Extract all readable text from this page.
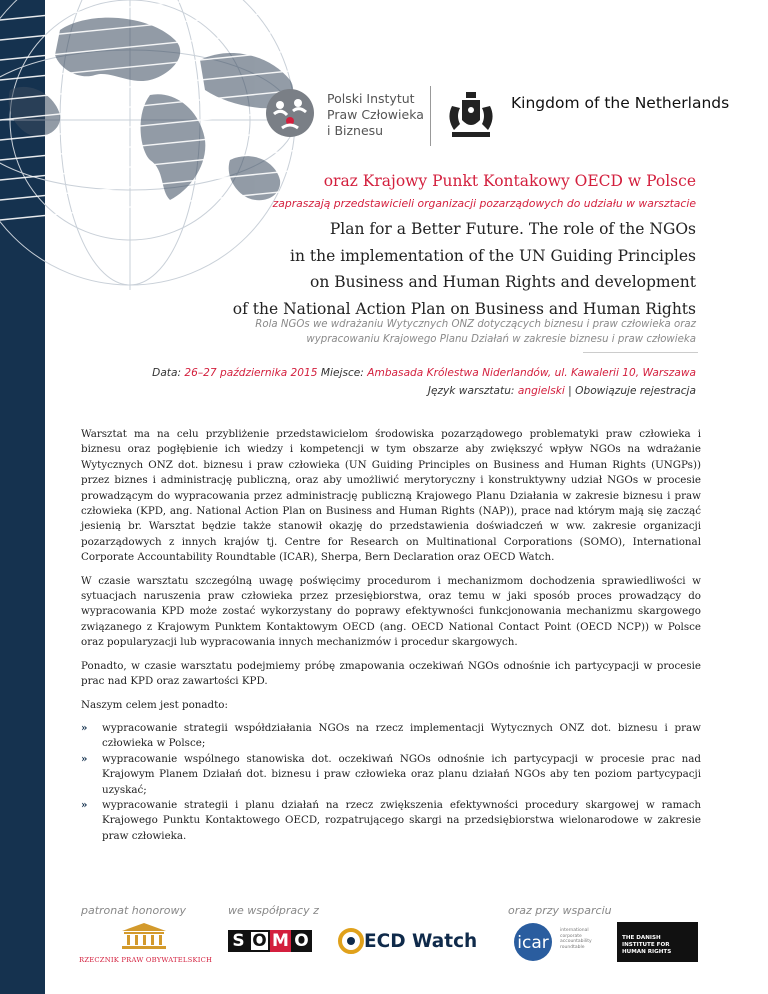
Polski Instytut
Praw Człowieka
i Biznesu
Kingdom of the Netherlands
oraz Krajowy Punkt Kontakowy OECD w Polsce
zapraszają przedstawicieli organizacji pozarządowych do udziału w warsztacie
Plan for a Better Future. The role of the NGOs
in the implementation of the UN Guiding Principles
on Business and Human Rights and development
of the National Action Plan on Business and Human Rights
Rola NGOs we wdrażaniu Wytycznych ONZ dotyczących biznesu i praw człowieka oraz
wypracowaniu Krajowego Planu Działań w zakresie biznesu i praw człowieka
Data: 26–27 października 2015 Miejsce: Ambasada Królestwa Niderlandów, ul. Kawalerii 10, Warszawa
Język warsztatu: angielski | Obowiązuje rejestracja

Warsztat ma na celu przybliżenie przedstawicielom środowiska pozarządowego problematyki praw człowieka i biznesu oraz pogłębienie ich wiedzy i kompetencji w tym obszarze aby zwiększyć wpływ NGOs na wdrażanie Wytycznych ONZ dot. biznesu i praw człowieka (UN Guiding Principles on Business and Human Rights (UNGPs)) przez biznes i administrację publiczną, oraz aby umożliwić merytoryczny i konstruktywny udział NGOs w procesie prowadzącym do wypracowania przez administrację publiczną Krajowego Planu Działania w zakresie biznesu i praw człowieka (KPD, ang. National Action Plan on Business and Human Rights (NAP)), prace nad którym mają się zacząć jesienią br. Warsztat będzie także stanowił okazję do przedstawienia doświadczeń w ww. zakresie organizacji pozarządowych z innych krajów tj. Centre for Research on Multinational Corporations (SOMO), International Corporate Accountability Roundtable (ICAR), Sherpa, Bern Declaration oraz OECD Watch.

W czasie warsztatu szczególną uwagę poświęcimy procedurom i mechanizmom dochodzenia sprawiedliwości w sytuacjach naruszenia praw człowieka przez przesiębiorstwa, oraz temu w jaki sposób proces prowadzący do wypracowania KPD może zostać wykorzystany do poprawy efektywności funkcjonowania mechanizmu skargowego związanego z Krajowym Punktem Kontaktowym OECD (ang. OECD National Contact Point (OECD NCP)) w Polsce oraz popularyzacji lub wypracowania innych mechanizmów i procedur skargowych.

Ponadto, w czasie warsztatu podejmiemy próbę zmapowania oczekiwań NGOs odnośnie ich partycypacji w procesie prac nad KPD oraz zawartości KPD.

Naszym celem jest ponadto:

» wypracowanie strategii współdziałania NGOs na rzecz implementacji Wytycznych ONZ dot. biznesu i praw człowieka w Polsce;
» wypracowanie wspólnego stanowiska dot. oczekiwań NGOs odnośnie ich partycypacji w procesie prac nad Krajowym Planem Działań dot. biznesu i praw człowieka oraz planu działań NGOs aby ten poziom partycypacji uzyskać;
» wypracowanie strategii i planu działań na rzecz zwiększenia efektywności procedury skargowej w ramach Krajowego Punktu Kontaktowego OECD, rozpatrującego skargi na przedsiębiorstwa wielonarodowe w zakresie praw człowieka.
patronat honorowy	we współpracy z	oraz przy wsparciu
RZECZNIK PRAW OBYWATELSKICH
S O M O	ECD Watch icar
international
corporate
accountability
roundtable
THE DANISH
INSTITUTE FOR
HUMAN RIGHTS
